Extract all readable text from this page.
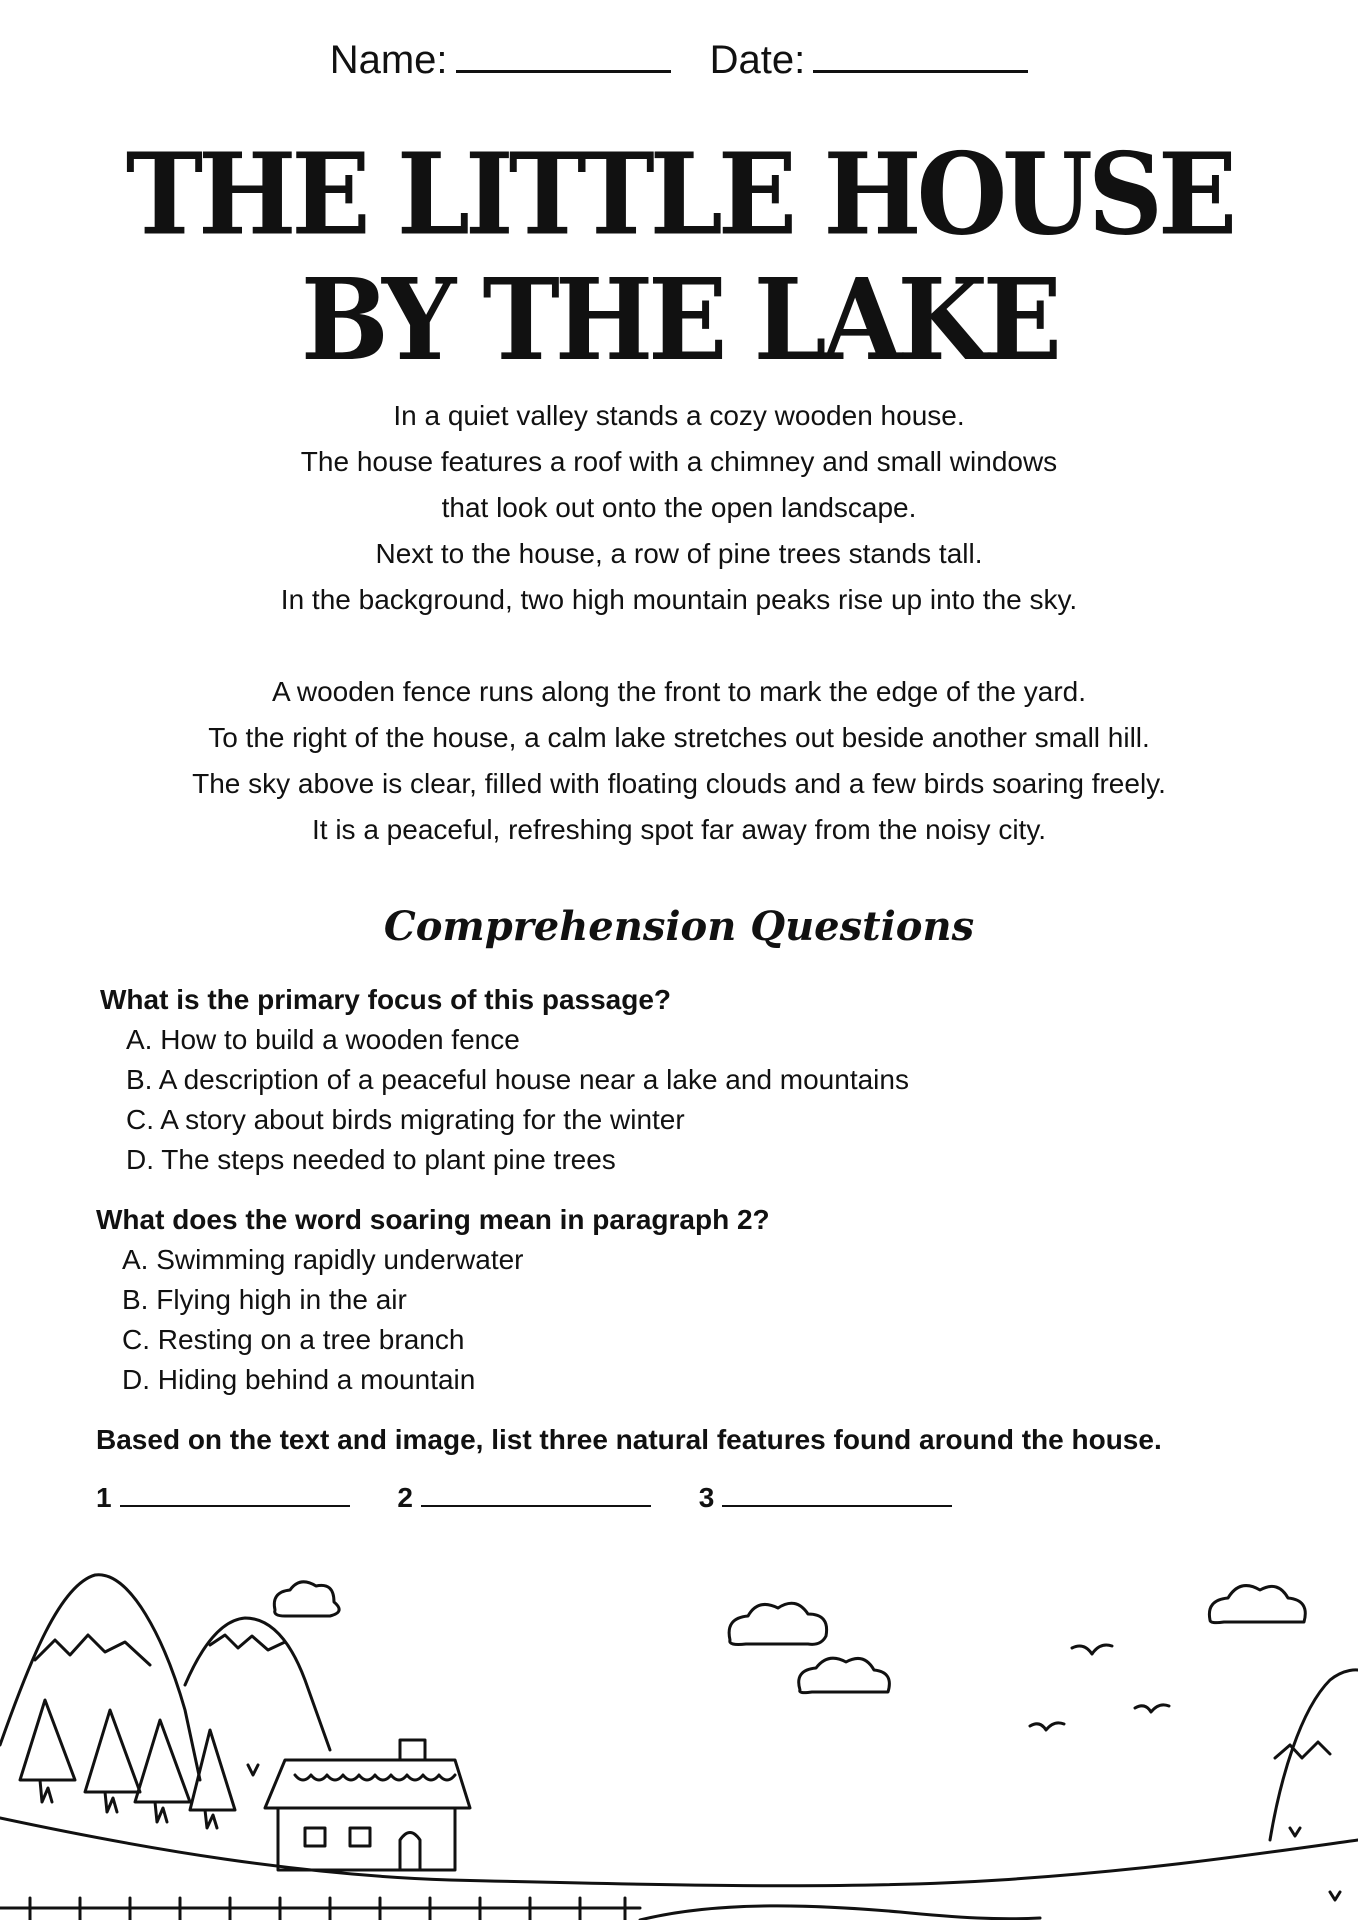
Name:	Date:
THE LITTLE HOUSE
BY THE LAKE

In a quiet valley stands a cozy wooden house.

The house features a roof with a chimney and small windows

that look out onto the open landscape.

Next to the house, a row of pine trees stands tall.

In the background, two high mountain peaks rise up into the sky.

A wooden fence runs along the front to mark the edge of the yard.

To the right of the house, a calm lake stretches out beside another small hill.

The sky above is clear, filled with floating clouds and a few birds soaring freely.

It is a peaceful, refreshing spot far away from the noisy city.

Comprehension Questions
What is the primary focus of this passage?
A. How to build a wooden fence
B. A description of a peaceful house near a lake and mountains
C. A story about birds migrating for the winter
D. The steps needed to plant pine trees
What does the word soaring mean in paragraph 2?
A. Swimming rapidly underwater
B. Flying high in the air
C. Resting on a tree branch
D. Hiding behind a mountain
Based on the text and image, list three natural features found around the house.
1	2	3
